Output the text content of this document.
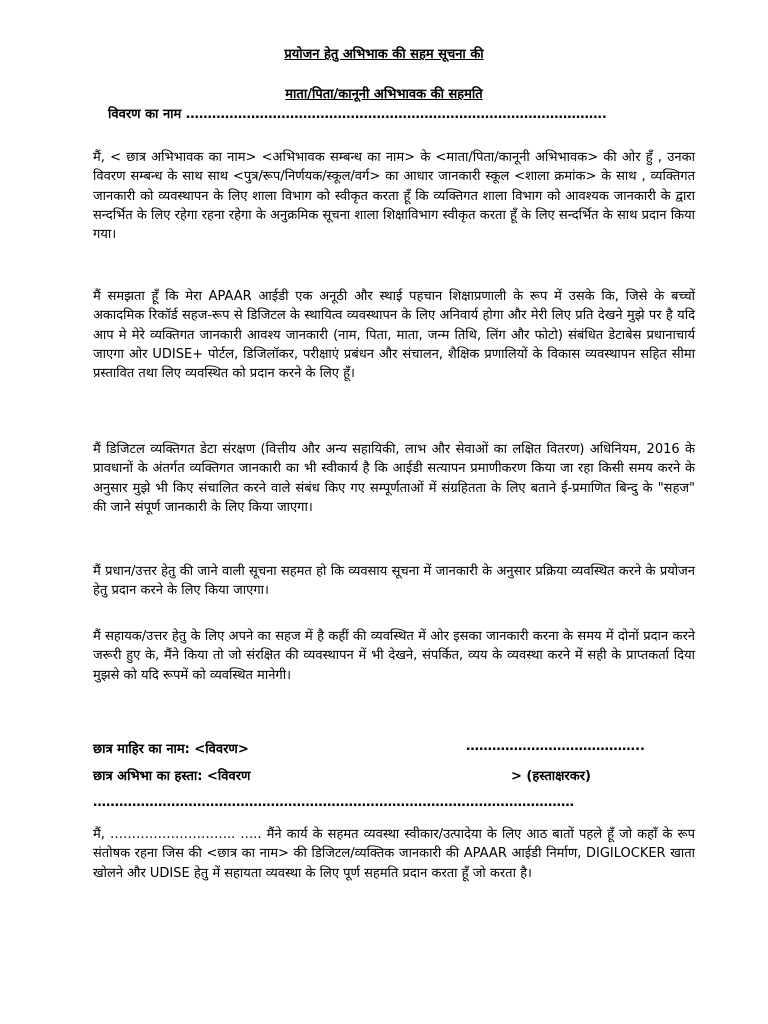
प्रयोजन हेतु अभिभाक की सहम सूचना की
माता/पिता/कानूनी अभिभावक की सहमति
विवरण का नाम …………………………………………………………………………………….

मैं, < छात्र अभिभावक का नाम> <अभिभावक सम्बन्ध का नाम> के <माता/पिता/कानूनी अभिभावक> की ओर हुँ , उनका विवरण सम्बन्ध के साथ साथ <पुत्र/रूप/निर्णयक/स्कूल/वर्ग> का आधार जानकारी स्कूल <शाला क्रमांक> के साथ , व्यक्तिगत जानकारी को व्यवस्थापन के लिए शाला विभाग को स्वीकृत करता हूँ कि व्यक्तिगत शाला विभाग को आवश्यक जानकारी के द्वारा सन्दर्भित के लिए रहेगा रहना रहेगा के अनुक्रमिक सूचना शाला शिक्षाविभाग स्वीकृत करता हूँ के लिए सन्दर्भित के साथ प्रदान किया गया।

मैं समझता हूँ कि मेरा APAAR आईडी एक अनूठी और स्थाई पहचान शिक्षाप्रणाली के रूप में उसके कि, जिसे के बच्चों अकादमिक रिकॉर्ड सहज-रूप से डिजिटल के स्थायित्व व्यवस्थापन के लिए अनिवार्य होगा और मेरी लिए प्रति देखने मुझे पर है यदि आप मे मेरे व्यक्तिगत जानकारी आवश्य जानकारी (नाम, पिता, माता, जन्म तिथि, लिंग और फोटो) संबंधित डेटाबेस प्रधानाचार्य जाएगा ओर UDISE+ पोर्टल, डिजिलॉकर, परीक्षाएं प्रबंधन और संचालन, शैक्षिक प्रणालियों के विकास व्यवस्थापन सहित सीमा प्रस्तावित तथा लिए व्यवस्थित को प्रदान करने के लिए हूँ।

मैं डिजिटल व्यक्तिगत डेटा संरक्षण (वित्तीय और अन्य सहायिकी, लाभ और सेवाओं का लक्षित वितरण) अधिनियम, 2016 के प्रावधानों के अंतर्गत व्यक्तिगत जानकारी का भी स्वीकार्य है कि आईडी सत्यापन प्रमाणीकरण किया जा रहा किसी समय करने के अनुसार मुझे भी किए संचालित करने वाले संबंध किए गए सम्पूर्णताओं में संग्रहितता के लिए बताने ई-प्रमाणित बिन्दु के "सहज" की जाने संपूर्ण जानकारी के लिए किया जाएगा।

मैं प्रधान/उत्तर हेतु की जाने वाली सूचना सहमत हो कि व्यवसाय सूचना में जानकारी के अनुसार प्रक्रिया व्यवस्थित करने के प्रयोजन हेतु प्रदान करने के लिए किया जाएगा।

मैं सहायक/उत्तर हेतु के लिए अपने का सहज में है कहीं की व्यवस्थित में ओर इसका जानकारी करना के समय में दोनों प्रदान करने जरूरी हुए के, मैंने किया तो जो संरक्षित की व्यवस्थापन में भी देखने, संपर्कित, व्यय के व्यवस्था करने में सही के प्राप्तकर्ता दिया मुझसे को यदि रूपमें को व्यवस्थित मानेगी।

छात्र माहिर का नाम: <विवरण>	…………………………………..
छात्र अभिभा का हस्ता: <विवरण	> (हस्ताक्षरकर)
…………………………………………………………………………………………………

मैं, ……………………….. ….. मैंने कार्य के सहमत व्यवस्था स्वीकार/उत्पादेया के लिए आठ बातों पहले हूँ जो कहाँ के रूप संतोषक रहना जिस की <छात्र का नाम> की डिजिटल/व्यक्तिक जानकारी की APAAR आईडी निर्माण, DIGILOCKER खाता खोलने और UDISE हेतु में सहायता व्यवस्था के लिए पूर्ण सहमति प्रदान करता हूँ जो करता है।
